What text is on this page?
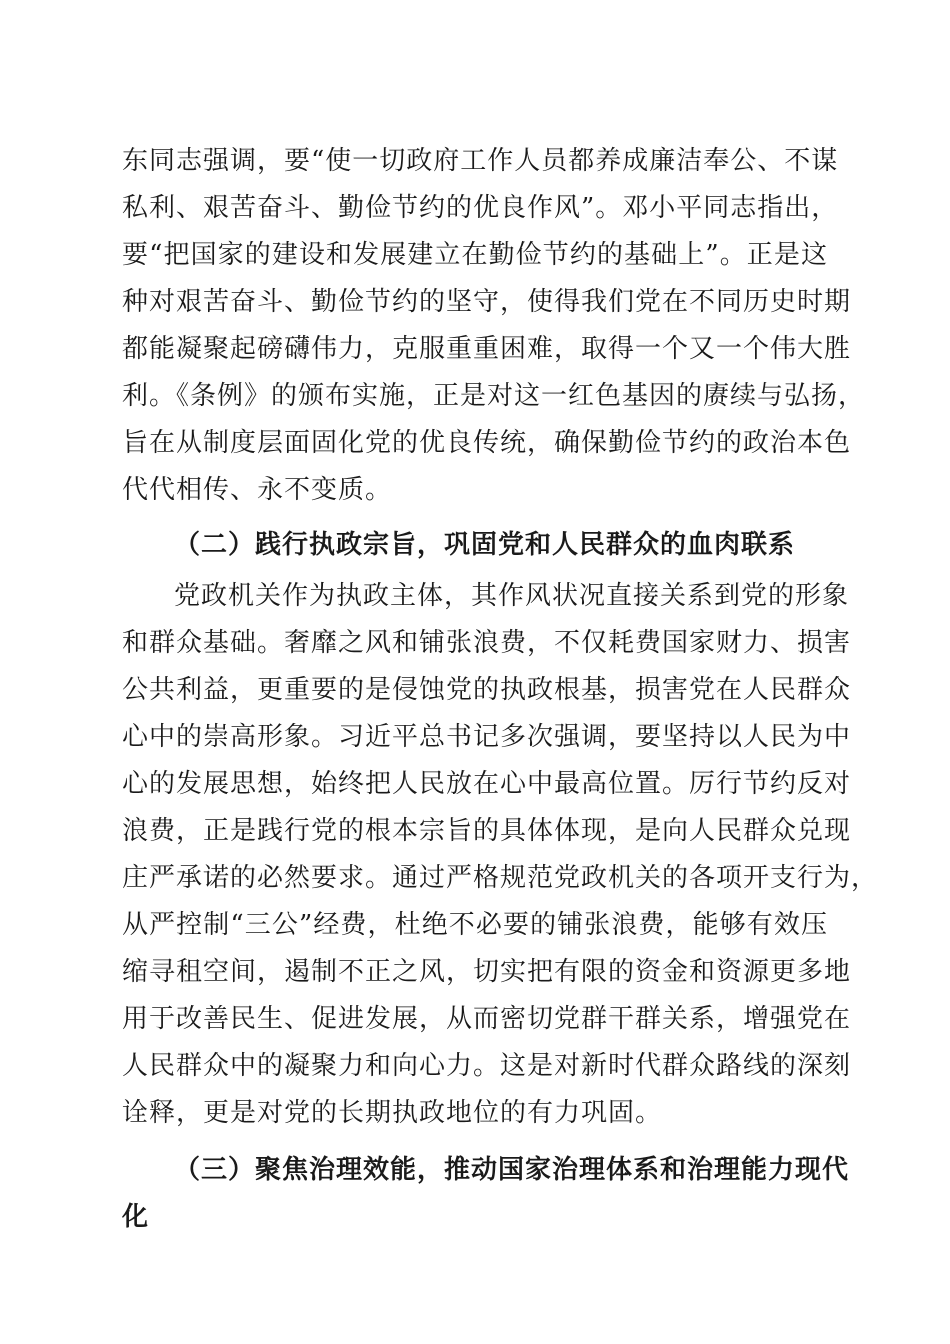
东同志强调，要“使一切政府工作人员都养成廉洁奉公、不谋
私利、艰苦奋斗、勤俭节约的优良作风”。邓小平同志指出，
要“把国家的建设和发展建立在勤俭节约的基础上”。正是这
种对艰苦奋斗、勤俭节约的坚守，使得我们党在不同历史时期
都能凝聚起磅礴伟力，克服重重困难，取得一个又一个伟大胜
利。《条例》的颁布实施，正是对这一红色基因的赓续与弘扬，
旨在从制度层面固化党的优良传统，确保勤俭节约的政治本色
代代相传、永不变质。
（二）践行执政宗旨，巩固党和人民群众的血肉联系
党政机关作为执政主体，其作风状况直接关系到党的形象
和群众基础。奢靡之风和铺张浪费，不仅耗费国家财力、损害
公共利益，更重要的是侵蚀党的执政根基，损害党在人民群众
心中的崇高形象。习近平总书记多次强调，要坚持以人民为中
心的发展思想，始终把人民放在心中最高位置。厉行节约反对
浪费，正是践行党的根本宗旨的具体体现，是向人民群众兑现
庄严承诺的必然要求。通过严格规范党政机关的各项开支行为，
从严控制“三公”经费，杜绝不必要的铺张浪费，能够有效压
缩寻租空间，遏制不正之风，切实把有限的资金和资源更多地
用于改善民生、促进发展，从而密切党群干群关系，增强党在
人民群众中的凝聚力和向心力。这是对新时代群众路线的深刻
诠释，更是对党的长期执政地位的有力巩固。
（三）聚焦治理效能，推动国家治理体系和治理能力现代
化
